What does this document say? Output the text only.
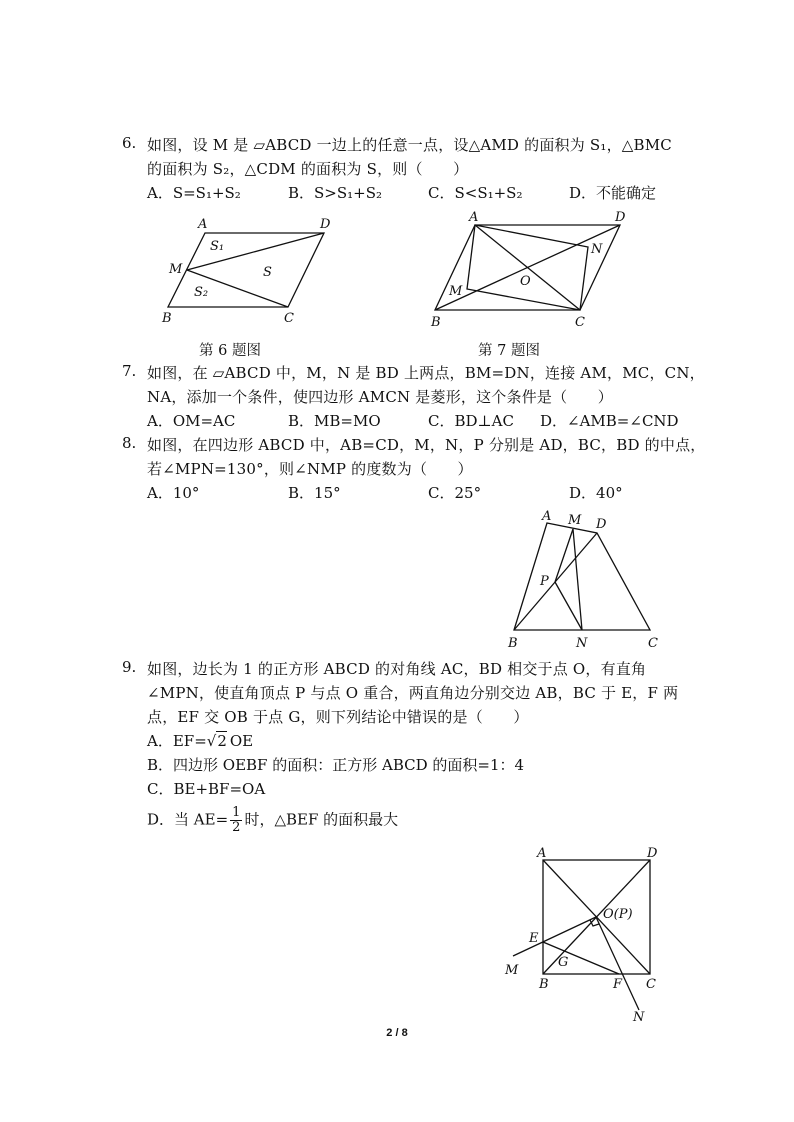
6. 如图，设 M 是 ▱ABCD 一边上的任意一点，设△AMD 的面积为 S₁，△BMC
的面积为 S₂，△CDM 的面积为 S，则（　　）
A．S=S₁+S₂	B．S>S₁+S₂	C．S<S₁+S₂	D．不能确定
A	D
M
B	C
S₁
S₂
S
第 6 题图
A	D
N
M
O
B	C
第 7 题图
7. 如图，在 ▱ABCD 中，M，N 是 BD 上两点，BM=DN，连接 AM，MC，CN，
NA，添加一个条件，使四边形 AMCN 是菱形，这个条件是（　　）
A．OM=AC	B．MB=MO	C．BD⊥AC D．∠AMB=∠CND
8. 如图，在四边形 ABCD 中，AB=CD，M，N，P 分别是 AD，BC，BD 的中点，
若∠MPN=130°，则∠NMP 的度数为（　　）
A．10°	B．15°	C．25°	D．40°
A M D
P
B	N	C
9. 如图，边长为 1 的正方形 ABCD 的对角线 AC，BD 相交于点 O，有直角
∠MPN，使直角顶点 P 与点 O 重合，两直角边分别交边 AB，BC 于 E，F 两
点，EF 交 OB 于点 G，则下列结论中错误的是（　　）
A．EF=√2  OE
B．四边形 OEBF 的面积：正方形 ABCD 的面积=1：4
C．BE+BF=OA
D．当 $AE= \frac{1}{2}$ 时，△BEF 的面积最大
A	D
O(P)
E
M
G
B	F C
N
2 / 8
